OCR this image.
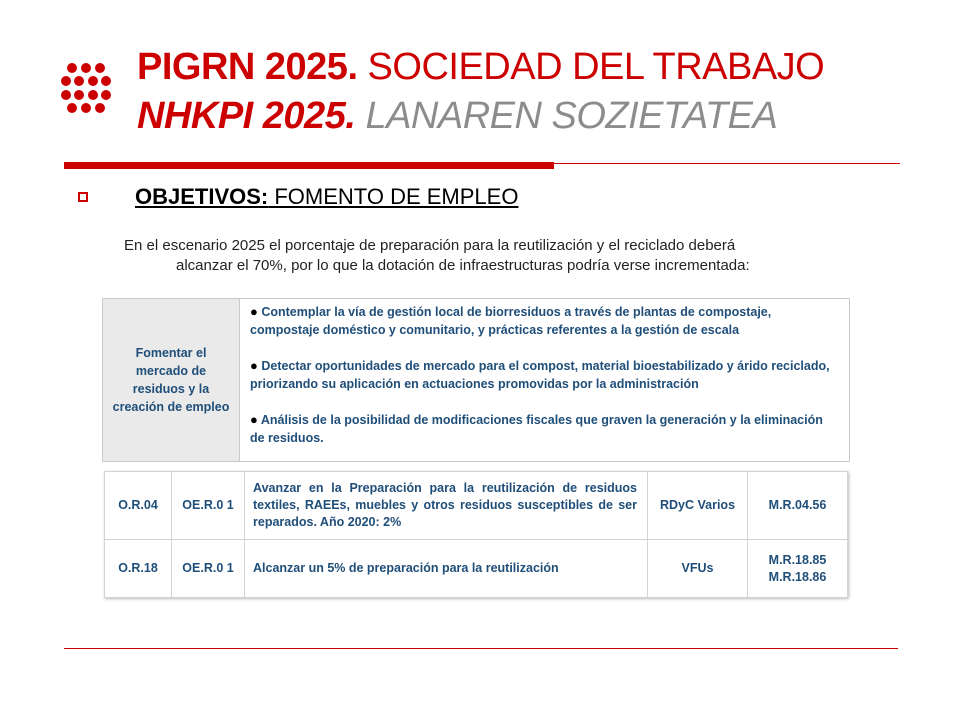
PIGRN 2025. SOCIEDAD DEL TRABAJO
NHKPI 2025. LANAREN SOZIETATEA
OBJETIVOS: FOMENTO DE EMPLEO
En el escenario 2025 el porcentaje de preparación para la reutilización y el reciclado deberá
alcanzar el 70%, por lo que la dotación de infraestructuras podría verse incrementada:
Fomentar el mercado de residuos y la creación de empleo
● Contemplar la vía de gestión local de biorresiduos a través de plantas de compostaje, compostaje doméstico y comunitario, y prácticas referentes a la gestión de escala
● Detectar oportunidades de mercado para el compost, material bioestabilizado y árido reciclado, priorizando su aplicación en actuaciones promovidas por la administración
● Análisis de la posibilidad de modificaciones fiscales que graven la generación y la eliminación de residuos.
O.R.04	OE.R.0 1	Avanzar en la Preparación para la reutilización de residuos textiles, RAEEs, muebles y otros residuos susceptibles de ser reparados. Año 2020: 2%	RDyC Varios	M.R.04.56
O.R.18	OE.R.0 1	Alcanzar un 5% de preparación para la reutilización	VFUs	M.R.18.85 M.R.18.86
